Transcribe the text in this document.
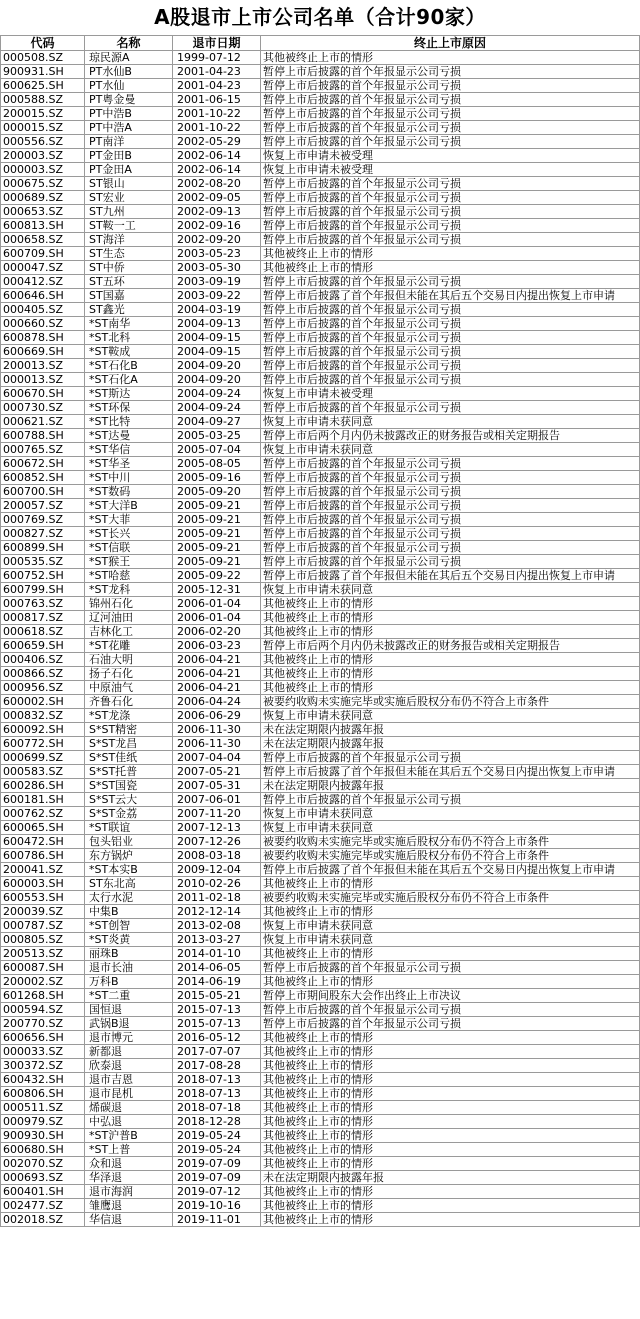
A股退市上市公司名单（合计90家）
代码	名称	退市日期	终止上市原因
000508.SZ	琼民源A	1999-07-12	其他被终止上市的情形
900931.SH	PT水仙B	2001-04-23	暂停上市后披露的首个年报显示公司亏损
600625.SH	PT水仙	2001-04-23	暂停上市后披露的首个年报显示公司亏损
000588.SZ	PT粤金曼	2001-06-15	暂停上市后披露的首个年报显示公司亏损
200015.SZ	PT中浩B	2001-10-22	暂停上市后披露的首个年报显示公司亏损
000015.SZ	PT中浩A	2001-10-22	暂停上市后披露的首个年报显示公司亏损
000556.SZ	PT南洋	2002-05-29	暂停上市后披露的首个年报显示公司亏损
200003.SZ	PT金田B	2002-06-14	恢复上市申请未被受理
000003.SZ	PT金田A	2002-06-14	恢复上市申请未被受理
000675.SZ	ST银山	2002-08-20	暂停上市后披露的首个年报显示公司亏损
000689.SZ	ST宏业	2002-09-05	暂停上市后披露的首个年报显示公司亏损
000653.SZ	ST九州	2002-09-13	暂停上市后披露的首个年报显示公司亏损
600813.SH	ST鞍一工	2002-09-16	暂停上市后披露的首个年报显示公司亏损
000658.SZ	ST海洋	2002-09-20	暂停上市后披露的首个年报显示公司亏损
600709.SH	ST生态	2003-05-23	其他被终止上市的情形
000047.SZ	ST中侨	2003-05-30	其他被终止上市的情形
000412.SZ	ST五环	2003-09-19	暂停上市后披露的首个年报显示公司亏损
600646.SH	ST国嘉	2003-09-22	暂停上市后披露了首个年报但未能在其后五个交易日内提出恢复上市申请
000405.SZ	ST鑫光	2004-03-19	暂停上市后披露的首个年报显示公司亏损
000660.SZ	*ST南华	2004-09-13	暂停上市后披露的首个年报显示公司亏损
600878.SH	*ST北科	2004-09-15	暂停上市后披露的首个年报显示公司亏损
600669.SH	*ST鞍成	2004-09-15	暂停上市后披露的首个年报显示公司亏损
200013.SZ	*ST石化B	2004-09-20	暂停上市后披露的首个年报显示公司亏损
000013.SZ	*ST石化A	2004-09-20	暂停上市后披露的首个年报显示公司亏损
600670.SH	*ST斯达	2004-09-24	恢复上市申请未被受理
000730.SZ	*ST环保	2004-09-24	暂停上市后披露的首个年报显示公司亏损
000621.SZ	*ST比特	2004-09-27	恢复上市申请未获同意
600788.SH	*ST达曼	2005-03-25	暂停上市后两个月内仍未披露改正的财务报告或相关定期报告
000765.SZ	*ST华信	2005-07-04	恢复上市申请未获同意
600672.SH	*ST华圣	2005-08-05	暂停上市后披露的首个年报显示公司亏损
600852.SH	*ST中川	2005-09-16	暂停上市后披露的首个年报显示公司亏损
600700.SH	*ST数码	2005-09-20	暂停上市后披露的首个年报显示公司亏损
200057.SZ	*ST大洋B	2005-09-21	暂停上市后披露的首个年报显示公司亏损
000769.SZ	*ST大菲	2005-09-21	暂停上市后披露的首个年报显示公司亏损
000827.SZ	*ST长兴	2005-09-21	暂停上市后披露的首个年报显示公司亏损
600899.SH	*ST信联	2005-09-21	暂停上市后披露的首个年报显示公司亏损
000535.SZ	*ST猴王	2005-09-21	暂停上市后披露的首个年报显示公司亏损
600752.SH	*ST哈慈	2005-09-22	暂停上市后披露了首个年报但未能在其后五个交易日内提出恢复上市申请
600799.SH	*ST龙科	2005-12-31	恢复上市申请未获同意
000763.SZ	锦州石化	2006-01-04	其他被终止上市的情形
000817.SZ	辽河油田	2006-01-04	其他被终止上市的情形
000618.SZ	吉林化工	2006-02-20	其他被终止上市的情形
600659.SH	*ST花雕	2006-03-23	暂停上市后两个月内仍未披露改正的财务报告或相关定期报告
000406.SZ	石油大明	2006-04-21	其他被终止上市的情形
000866.SZ	扬子石化	2006-04-21	其他被终止上市的情形
000956.SZ	中原油气	2006-04-21	其他被终止上市的情形
600002.SH	齐鲁石化	2006-04-24	被要约收购未实施完毕或实施后股权分布仍不符合上市条件
000832.SZ	*ST龙涤	2006-06-29	恢复上市申请未获同意
600092.SH	S*ST精密	2006-11-30	未在法定期限内披露年报
600772.SH	S*ST龙昌	2006-11-30	未在法定期限内披露年报
000699.SZ	S*ST佳纸	2007-04-04	暂停上市后披露的首个年报显示公司亏损
000583.SZ	S*ST托普	2007-05-21	暂停上市后披露了首个年报但未能在其后五个交易日内提出恢复上市申请
600286.SH	S*ST国瓷	2007-05-31	未在法定期限内披露年报
600181.SH	S*ST云大	2007-06-01	暂停上市后披露的首个年报显示公司亏损
000762.SZ	S*ST金荔	2007-11-20	恢复上市申请未获同意
600065.SH	*ST联谊	2007-12-13	恢复上市申请未获同意
600472.SH	包头铝业	2007-12-26	被要约收购未实施完毕或实施后股权分布仍不符合上市条件
600786.SH	东方锅炉	2008-03-18	被要约收购未实施完毕或实施后股权分布仍不符合上市条件
200041.SZ	*ST本实B	2009-12-04	暂停上市后披露了首个年报但未能在其后五个交易日内提出恢复上市申请
600003.SH	ST东北高	2010-02-26	其他被终止上市的情形
600553.SH	太行水泥	2011-02-18	被要约收购未实施完毕或实施后股权分布仍不符合上市条件
200039.SZ	中集B	2012-12-14	其他被终止上市的情形
000787.SZ	*ST创智	2013-02-08	恢复上市申请未获同意
000805.SZ	*ST炎黄	2013-03-27	恢复上市申请未获同意
200513.SZ	丽珠B	2014-01-10	其他被终止上市的情形
600087.SH	退市长油	2014-06-05	暂停上市后披露的首个年报显示公司亏损
200002.SZ	万科B	2014-06-19	其他被终止上市的情形
601268.SH	*ST二重	2015-05-21	暂停上市期间股东大会作出终止上市决议
000594.SZ	国恒退	2015-07-13	暂停上市后披露的首个年报显示公司亏损
200770.SZ	武锅B退	2015-07-13	暂停上市后披露的首个年报显示公司亏损
600656.SH	退市博元	2016-05-12	其他被终止上市的情形
000033.SZ	新都退	2017-07-07	其他被终止上市的情形
300372.SZ	欣泰退	2017-08-28	其他被终止上市的情形
600432.SH	退市吉恩	2018-07-13	其他被终止上市的情形
600806.SH	退市昆机	2018-07-13	其他被终止上市的情形
000511.SZ	烯碳退	2018-07-18	其他被终止上市的情形
000979.SZ	中弘退	2018-12-28	其他被终止上市的情形
900930.SH	*ST沪普B	2019-05-24	其他被终止上市的情形
600680.SH	*ST上普	2019-05-24	其他被终止上市的情形
002070.SZ	众和退	2019-07-09	其他被终止上市的情形
000693.SZ	华泽退	2019-07-09	未在法定期限内披露年报
600401.SH	退市海润	2019-07-12	其他被终止上市的情形
002477.SZ	雏鹰退	2019-10-16	其他被终止上市的情形
002018.SZ	华信退	2019-11-01	其他被终止上市的情形
